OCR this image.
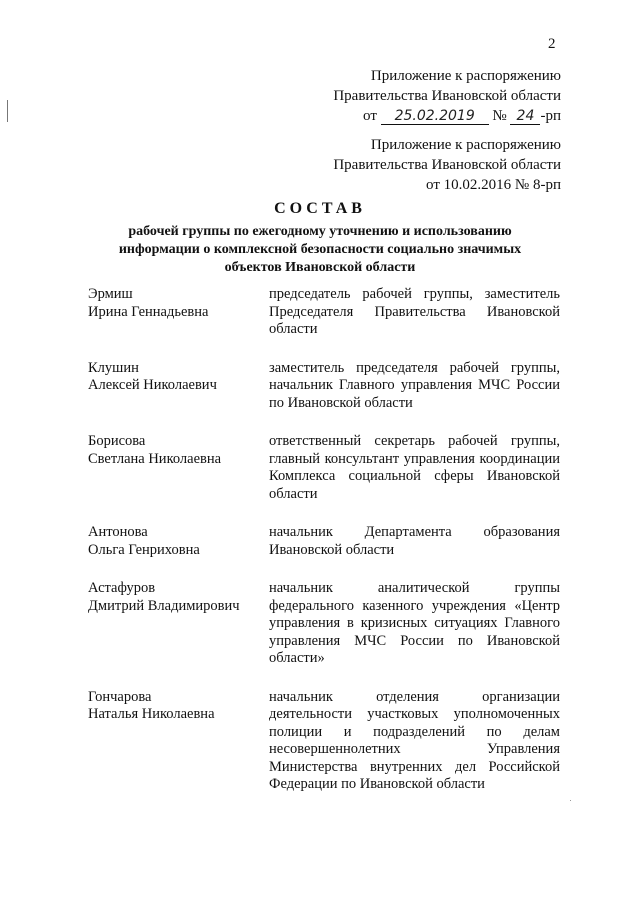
2
Приложение к распоряжению
Правительства Ивановской области
от 25.02.2019 № 24 -рп
Приложение к распоряжению
Правительства Ивановской области
от 10.02.2016 № 8-рп
СОСТАВ
рабочей группы по ежегодному уточнению и использованию
информации о комплексной безопасности социально значимых
объектов Ивановской области
Эрмиш
Ирина Геннадьевна
председатель рабочей группы, заместитель Председателя Правительства Ивановской области
Клушин
Алексей Николаевич
заместитель председателя рабочей группы, начальник Главного управления МЧС России по Ивановской области
Борисова
Светлана Николаевна
ответственный секретарь рабочей группы, главный консультант управления координации Комплекса социальной сферы Ивановской области
Антонова
Ольга Генриховна
начальник Департамента образования Ивановской области
Астафуров
Дмитрий Владимирович
начальник аналитической группы федерального казенного учреждения «Центр управления в кризисных ситуациях Главного управления МЧС России по Ивановской области»
Гончарова
Наталья Николаевна
начальник отделения организации деятельности участковых уполномоченных полиции и подразделений по делам несовершеннолетних Управления Министерства внутренних дел Российской Федерации по Ивановской области
